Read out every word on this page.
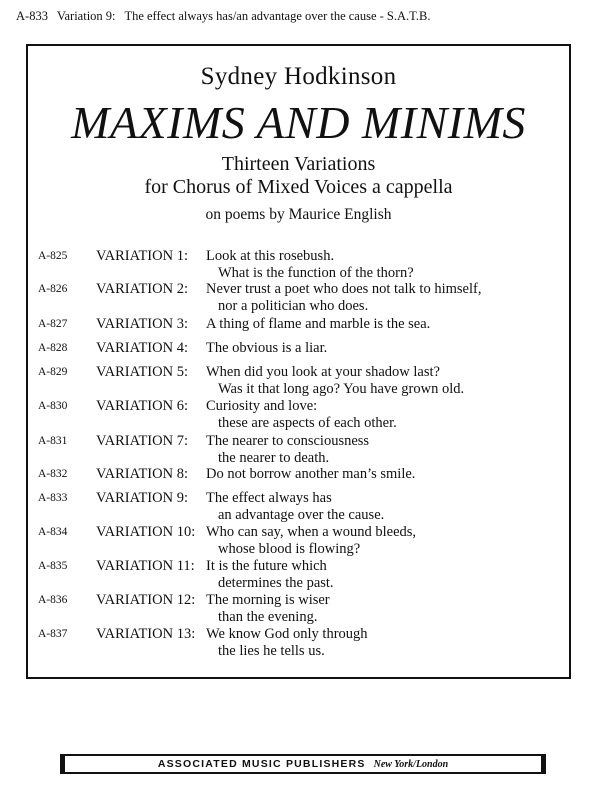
A-833 Variation 9: The effect always has/an advantage over the cause - S.A.T.B.
Sydney Hodkinson
MAXIMS AND MINIMS
Thirteen Variations
for Chorus of Mixed Voices a cappella
on poems by Maurice English
A-825 VARIATION 1: Look at this rosebush.
What is the function of the thorn?
A-826 VARIATION 2: Never trust a poet who does not talk to himself,
nor a politician who does.
A-827 VARIATION 3: A thing of flame and marble is the sea.
A-828 VARIATION 4: The obvious is a liar.
A-829 VARIATION 5: When did you look at your shadow last?
Was it that long ago? You have grown old.
A-830 VARIATION 6: Curiosity and love:
these are aspects of each other.
A-831 VARIATION 7: The nearer to consciousness
the nearer to death.
A-832 VARIATION 8: Do not borrow another man’s smile.
A-833 VARIATION 9: The effect always has
an advantage over the cause.
A-834 VARIATION 10: Who can say, when a wound bleeds,
whose blood is flowing?
A-835 VARIATION 11: It is the future which
determines the past.
A-836 VARIATION 12: The morning is wiser
than the evening.
A-837 VARIATION 13: We know God only through
the lies he tells us.
ASSOCIATED MUSIC PUBLISHERS New York/London
